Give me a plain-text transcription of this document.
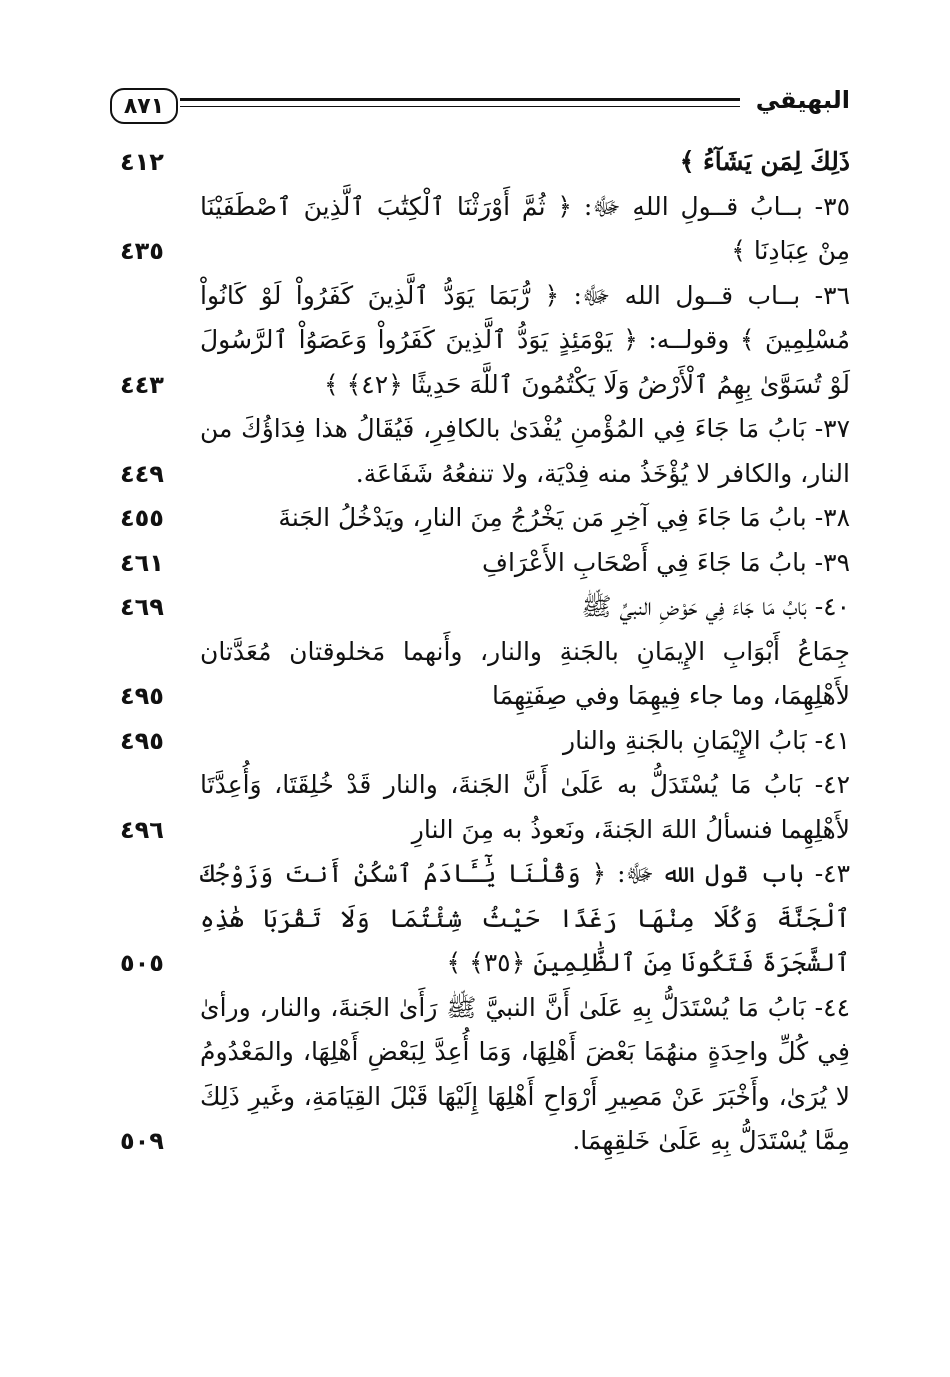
٨٧١	البهيقي
ذَلِكَ لِمَن يَشَآءُ ﴾
٤١٢
٣٥- بــابُ قــولِ اللهِ ﷻ: ﴿ ثُمَّ أَوْرَثْنَا ٱلْكِتَٰبَ ٱلَّذِينَ ٱصْطَفَيْنَا مِنْ عِبَادِنَا ﴾
٤٣٥
٣٦- بــاب قــول الله ﷻ: ﴿ رُّبَمَا يَوَدُّ ٱلَّذِينَ كَفَرُواْ لَوْ كَانُواْ مُسْلِمِينَ ﴾ وقولــه: ﴿ يَوْمَئِذٍ يَوَدُّ ٱلَّذِينَ كَفَرُواْ وَعَصَوُاْ ٱلرَّسُولَ لَوْ تُسَوَّىٰ بِهِمُ ٱلْأَرْضُ وَلَا يَكْتُمُونَ ٱللَّهَ حَدِيثًا ﴿٤٢﴾ ﴾
٤٤٣
٣٧- بَابُ مَا جَاءَ فِي المُؤْمنِ يُفْدَىٰ بالكافِرِ، فَيُقَالُ هذا فِدَاؤُكَ من النار، والكافر لا يُؤْخَذُ منه فِدْيَة، ولا تنفعُهُ شَفَاعَة.
٤٤٩
٣٨- بابُ مَا جَاءَ فِي آخِرِ مَن يَخْرُجُ مِنَ النارِ، ويَدْخُلُ الجَنةَ
٤٥٥
٣٩- بابُ مَا جَاءَ فِي أَصْحَابِ الأَعْرَافِ
٤٦١
٤٠- بَابُ مَا جَاءَ فِي حَوْضِ النبيِّ ﷺ
٤٦٩
جِمَاعُ أَبْوَابِ الإِيمَانِ بالجَنةِ والنار، وأَنهما مَخلوقتان مُعَدَّتان لأَهْلِهِمَا، وما جاء فِيهِمَا وفي صِفَتِهِمَا
٤٩٥
٤١- بَابُ الإِيْمَانِ بالجَنةِ والنار
٤٩٥
٤٢- بَابُ مَا يُسْتَدَلُّ به عَلَىٰ أَنَّ الجَنةَ، والنار قَدْ خُلِقَتَا، وَأُعِدَّتَا لأَهْلِهِما فنسألُ اللهَ الجَنةَ، ونَعوذُ به مِنَ النارِ
٤٩٦
٤٣- باب قول الله ﷻ: ﴿ وَقُلْنَا يَٰٓـَٔادَمُ ٱسْكُنْ أَنتَ وَزَوْجُكَ ٱلْجَنَّةَ وَكُلَا مِنْهَا رَغَدًا حَيْثُ شِئْتُمَا وَلَا تَقْرَبَا هَٰذِهِ ٱلشَّجَرَةَ فَتَكُونَا مِنَ ٱلظَّٰلِمِينَ ﴿٣٥﴾ ﴾
٥٠٥
٤٤- بَابُ مَا يُسْتَدَلُّ بِهِ عَلَىٰ أَنَّ النبيَّ ﷺ رَأَىٰ الجَنةَ، والنار، ورأىٰ فِي كُلِّ واحِدَةٍ منهُمَا بَعْضَ أَهْلِهَا، وَمَا أُعِدَّ لِبَعْضِ أَهْلِهَا، والمَعْدُومُ لا يُرَىٰ، وأَخْبَرَ عَنْ مَصِيرِ أَرْوَاحِ أَهْلِهَا إِلَيْهَا قَبْلَ القِيَامَةِ، وغَيرِ ذَلِكَ مِمَّا يُسْتَدَلُّ بِهِ عَلَىٰ خَلقِهِمَا.
٥٠٩
